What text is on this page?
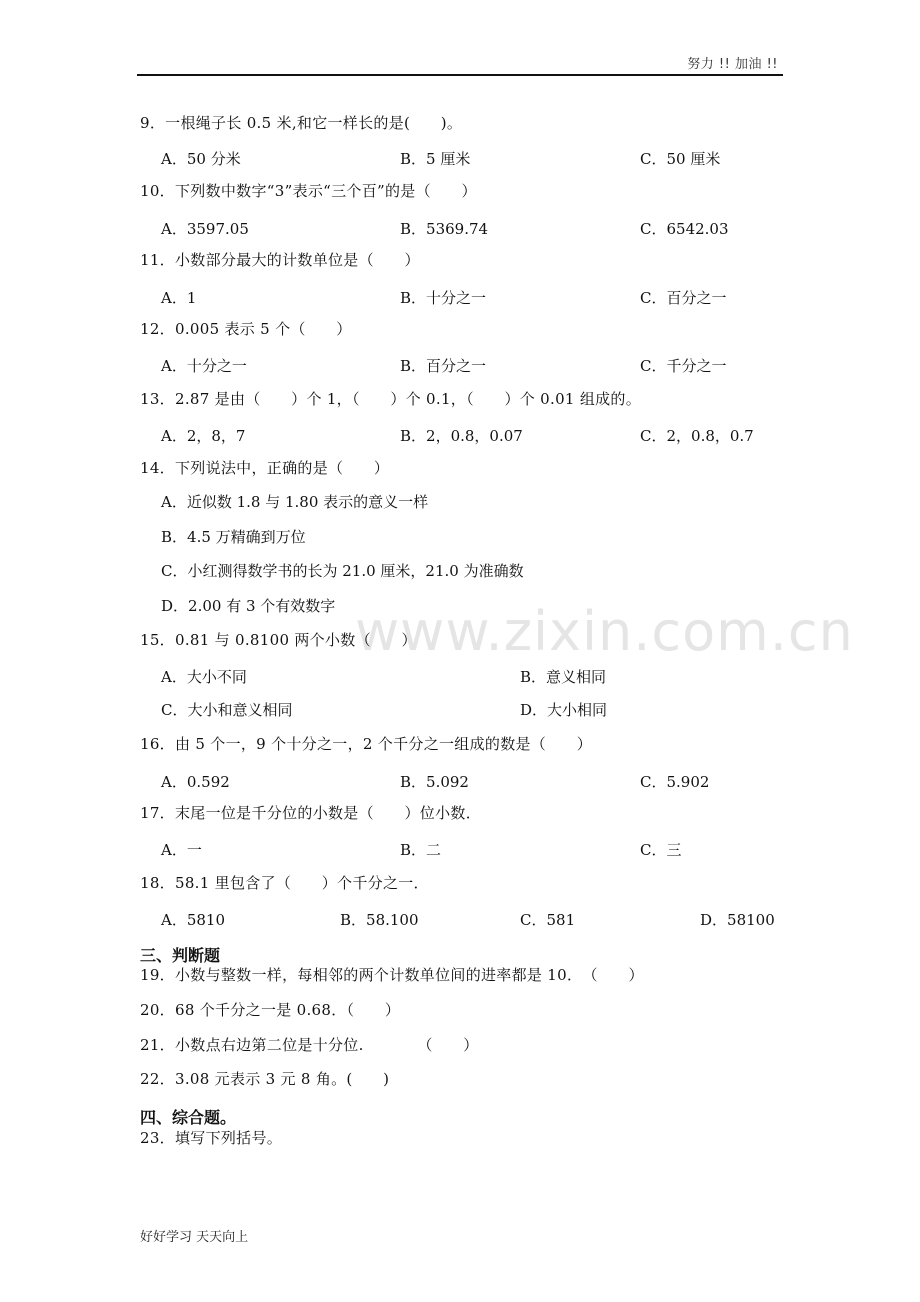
努力 !! 加油 !!
www.zixin.com.cn
9．一根绳子长 0.5 米,和它一样长的是(　　)。
A．50 分米	B．5 厘米	C．50 厘米
10．下列数中数字“3”表示“三个百”的是（　　）
A．3597.05	B．5369.74	C．6542.03
11．小数部分最大的计数单位是（　　）
A．1	B．十分之一	C．百分之一
12．0.005 表示 5 个（　　）
A．十分之一	B．百分之一	C．千分之一
13．2.87 是由（　　）个 1，（　　）个 0.1，（　　）个 0.01 组成的。
A．2，8，7	B．2，0.8，0.07	C．2，0.8，0.7
14．下列说法中，正确的是（　　）
A．近似数 1.8 与 1.80 表示的意义一样
B．4.5 万精确到万位
C．小红测得数学书的长为 21.0 厘米，21.0 为准确数
D．2.00 有 3 个有效数字
15．0.81 与 0.8100 两个小数（　　）
A．大小不同	B．意义相同
C．大小和意义相同	D．大小相同
16．由 5 个一，9 个十分之一，2 个千分之一组成的数是（　　）
A．0.592	B．5.092	C．5.902
17．末尾一位是千分位的小数是（　　）位小数．
A．一	B．二	C．三
18．58.1 里包含了（　　）个千分之一．
A．5810	B．58.100	C．581	D．58100
三、判断题
19．小数与整数一样，每相邻的两个计数单位间的进率都是 10．　（　　）
20．68 个千分之一是 0.68．（　　）
21．小数点右边第二位是十分位.　　　　（　　）
22．3.08 元表示 3 元 8 角。(　　)
四、综合题。
23．填写下列括号。
好好学习 天天向上
